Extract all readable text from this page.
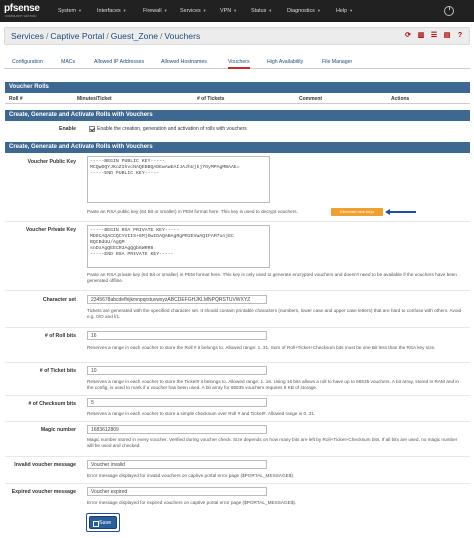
pfsense
COMMUNITY EDITION
System ▼	Interfaces ▼	Firewall ▼ Services ▼ VPN ▼	Status ▼	Diagnostics ▼	Help ▼
Services / Captive Portal / Guest_Zone / Vouchers	⟳ ▥ ☰ ▤	?
Configuration	MACs	Allowed IP Addresses	Allowed Hostnames	Vouchers	High Availability	File Manager
Voucher Rolls
Roll #	Minutes/Ticket	# of Tickets	Comment	Actions
Create, Generate and Activate Rolls with Vouchers
Enable	Enable the creation, generation and activation of rolls with vouchers
Create, Generate and Activate Rolls with Vouchers
Voucher Public Key	-----BEGIN PUBLIC KEY-----
MCQwDQYJKoZIhvcNAQEBBQADEwAwEAIJAJhUjkj7OyMPAgMBAAE=
-----END PUBLIC KEY-----
Paste an RSA public key (64 Bit or smaller) in PEM format here. This key is used to decrypt vouchers.	Generate new keys
Voucher Private Key	-----BEGIN RSA PRIVATE KEY-----
MD8CAQACCQCYVIIS+8MjOwIDAQABAgRgPR2EVwAQIFAM7unjEC
BQCBdUU/AgQM
snDxAgQEECR3AgQgb6WRR8
-----END RSA PRIVATE KEY-----
Paste an RSA private key (64 Bit or smaller) in PEM format here. This key is only used to generate encrypted vouchers and doesn't need to be available if the vouchers have been generated offline.
Character set	2345678abcdefhijkmnpqrstuvwxyzABCDEFGHJKLMNPQRSTUVWXYZ
Tickets are generated with the specified character set. It should contain printable characters (numbers, lower case and upper case letters) that are hard to confuse with others. Avoid e.g. 0/O and l/1.
# of Roll bits	16
Reserves a range in each voucher to store the Roll # it belongs to. Allowed range: 1..31. Sum of Roll+Ticket+Checksum bits must be one Bit less than the RSA key size.
# of Ticket bits	10
Reserves a range in each voucher to store the Ticket# it belongs to. Allowed range: 1..16. Using 16 bits allows a roll to have up to 65535 vouchers. A bit array, stored in RAM and in the config, is used to mark if a voucher has been used. A bit array for 65535 vouchers requires 8 KB of storage.
# of Checksum bits	5
Reserves a range in each voucher to store a simple checksum over Roll # and Ticket#. Allowed range is 0..31.
Magic number	1683612809
Magic number stored in every voucher. Verified during voucher check. Size depends on how many bits are left by Roll+Ticket+Checksum bits. If all bits are used, no magic number will be used and checked.
Invalid voucher message	Voucher invalid
Error message displayed for invalid vouchers on captive portal error page ($PORTAL_MESSAGE$).
Expired voucher message	Voucher expired
Error message displayed for expired vouchers on captive portal error page ($PORTAL_MESSAGE$).
Save
